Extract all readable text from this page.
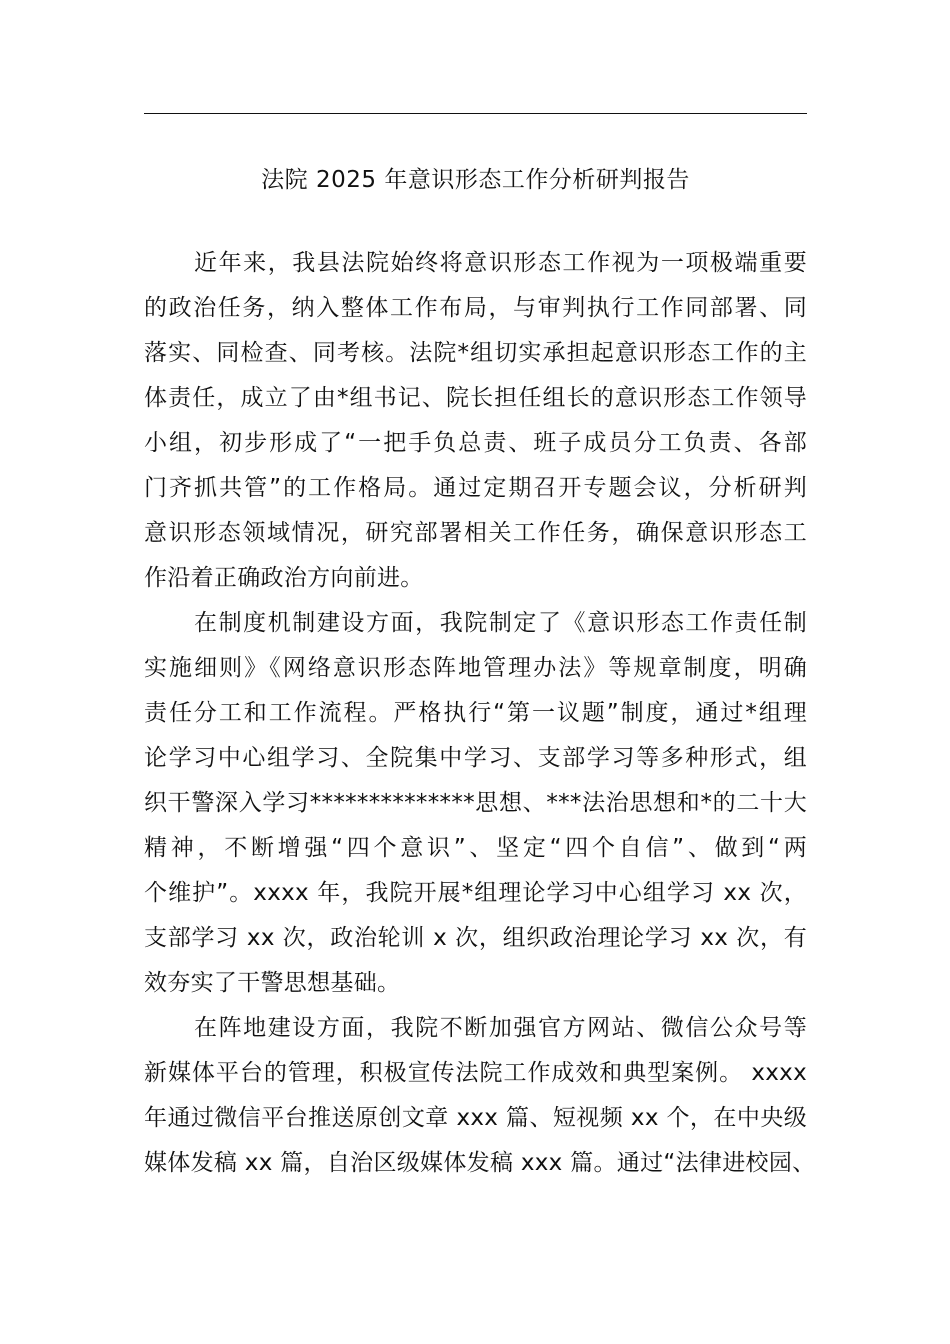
法院 2025 年意识形态工作分析研判报告
近年来，我县法院始终将意识形态工作视为一项极端重要
的政治任务，纳入整体工作布局，与审判执行工作同部署、同
落实、同检查、同考核。法院*组切实承担起意识形态工作的主
体责任，成立了由*组书记、院长担任组长的意识形态工作领导
小组，初步形成了“一把手负总责、班子成员分工负责、各部
门齐抓共管”的工作格局。通过定期召开专题会议，分析研判
意识形态领域情况，研究部署相关工作任务，确保意识形态工
作沿着正确政治方向前进。
在制度机制建设方面，我院制定了《意识形态工作责任制
实施细则》《网络意识形态阵地管理办法》等规章制度，明确
责任分工和工作流程。严格执行“第一议题”制度，通过*组理
论学习中心组学习、全院集中学习、支部学习等多种形式，组
织干警深入学习**************思想、***法治思想和*的二十大
精神，不断增强“四个意识”、坚定“四个自信”、做到“两
个维护”。xxxx 年，我院开展*组理论学习中心组学习 xx 次，
支部学习 xx 次，政治轮训 x 次，组织政治理论学习 xx 次，有
效夯实了干警思想基础。
在阵地建设方面，我院不断加强官方网站、微信公众号等
新媒体平台的管理，积极宣传法院工作成效和典型案例。 xxxx
年通过微信平台推送原创文章 xxx 篇、短视频 xx 个，在中央级
媒体发稿 xx 篇，自治区级媒体发稿 xxx 篇。通过“法律进校园、
